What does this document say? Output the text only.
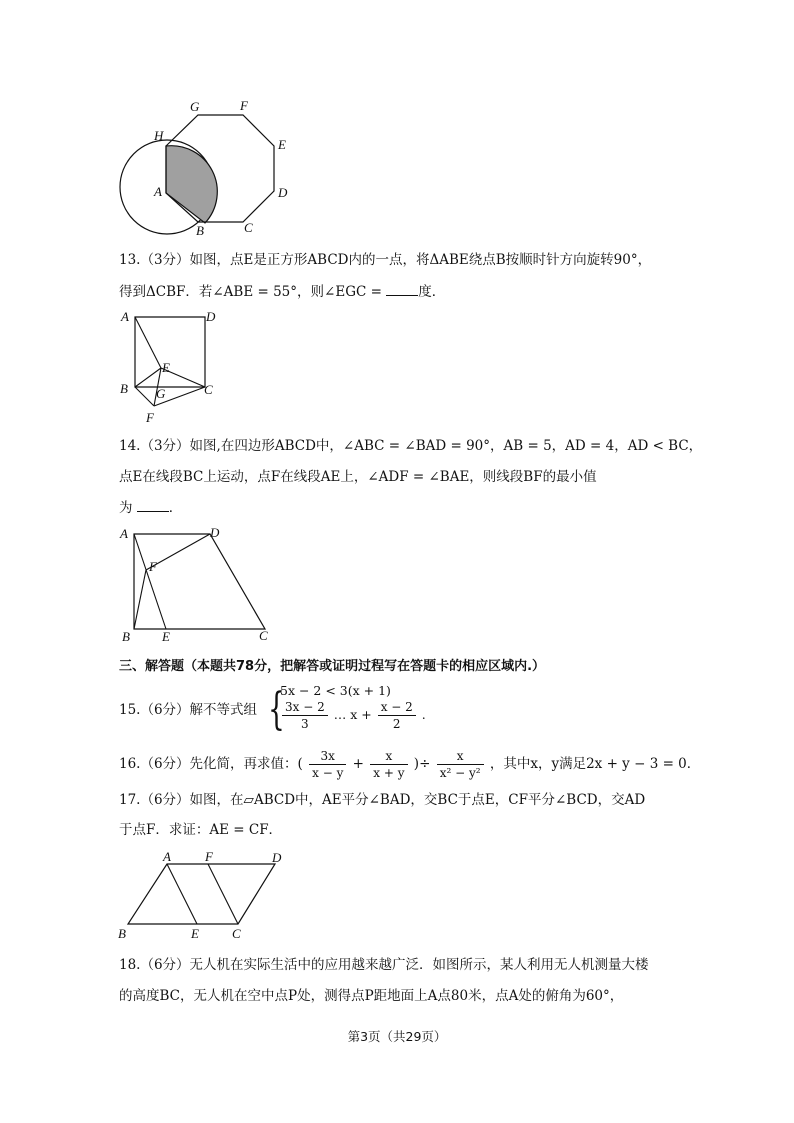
G	F
H
E
A	D
B	C
13.（3分）如图，点E是正方形ABCD内的一点，将ΔABE绕点B按顺时针方向旋转90°，
得到ΔCBF．若∠ABE = 55°，则∠EGC = 度．
A	D
E
B G	C
F
14.（3分）如图,在四边形ABCD中，∠ABC = ∠BAD = 90°，AB = 5，AD = 4，AD < BC，
点E在线段BC上运动，点F在线段AE上，∠ADF = ∠BAE，则线段BF的最小值
为 ．
A	D
F
B E	C
三、解答题（本题共78分，把解答或证明过程写在答题卡的相应区域内.）
15.（6分）解不等式组 {
5x − 2 < 3(x + 1)
$\frac{3x - 2}{3}$ … $x + \frac{x - 2}{2}$ .
16.（6分）先化简，再求值：( $\frac{3x}{x - y} + \frac{x}{x + y}$ )÷ $\frac{x}{\text{x² − y²}}$ ，其中x，y满足2x + y − 3 = 0．
17.（6分）如图，在▱ABCD中，AE平分∠BAD，交BC于点E，CF平分∠BCD，交AD
于点F．求证：AE = CF．
A	F	D
B	E	C
18.（6分）无人机在实际生活中的应用越来越广泛．如图所示，某人利用无人机测量大楼
的高度BC，无人机在空中点P处，测得点P距地面上A点80米，点A处的俯角为60°，
第3页（共29页）
